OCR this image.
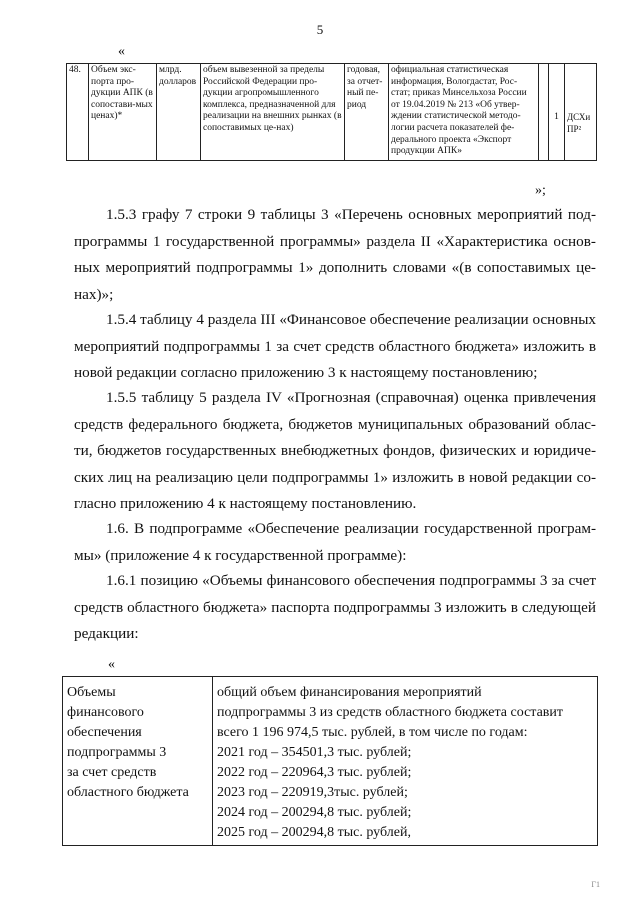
5
«
48.	Объем экс-порта про-дукции АПК (в сопостави-мых ценах)*	млрд. долларов	объем вывезенной за пределы Российской Федерации про-дукции агропромышленного комплекса, предназначенной для реализации на внешних рынках (в сопоставимых це-нах)	годовая, за отчет-ный пе-риод	официальная статистическая информация, Вологдастат, Рос-стат; приказ Минсельхоза России от 19.04.2019 № 213 «Об утвер-ждении статистической методо-логии расчета показателей фе-дерального проекта «Экспорт продукции АПК»		1	ДСХиПР²
»;

1.5.3 графу 7 строки 9 таблицы 3 «Перечень основных мероприятий под-программы 1 государственной программы» раздела II «Характеристика основ-ных мероприятий подпрограммы 1» дополнить словами «(в сопоставимых це-нах)»;

1.5.4 таблицу 4 раздела III «Финансовое обеспечение реализации основных мероприятий подпрограммы 1 за счет средств областного бюджета» изложить в новой редакции согласно приложению 3 к настоящему постановлению;

1.5.5 таблицу 5 раздела IV «Прогнозная (справочная) оценка привлечения средств федерального бюджета, бюджетов муниципальных образований облас-ти, бюджетов государственных внебюджетных фондов, физических и юридиче-ских лиц на реализацию цели подпрограммы 1» изложить в новой редакции со-гласно приложению 4 к настоящему постановлению.

1.6. В подпрограмме «Обеспечение реализации государственной програм-мы» (приложение 4 к государственной программе):

1.6.1 позицию «Объемы финансового обеспечения подпрограммы 3 за счет средств областного бюджета» паспорта подпрограммы 3 изложить в следующей редакции:

«
Объемы
финансового
обеспечения
подпрограммы 3
за счет средств
областного бюджета

общий объем финансирования мероприятий
подпрограммы 3 из средств областного бюджета составит
всего 1 196 974,5 тыс. рублей, в том числе по годам:
2021 год – 354501,3 тыс. рублей;
2022 год – 220964,3 тыс. рублей;
2023 год – 220919,3тыс. рублей;
2024 год – 200294,8 тыс. рублей;
2025 год – 200294,8 тыс. рублей,
Г1
